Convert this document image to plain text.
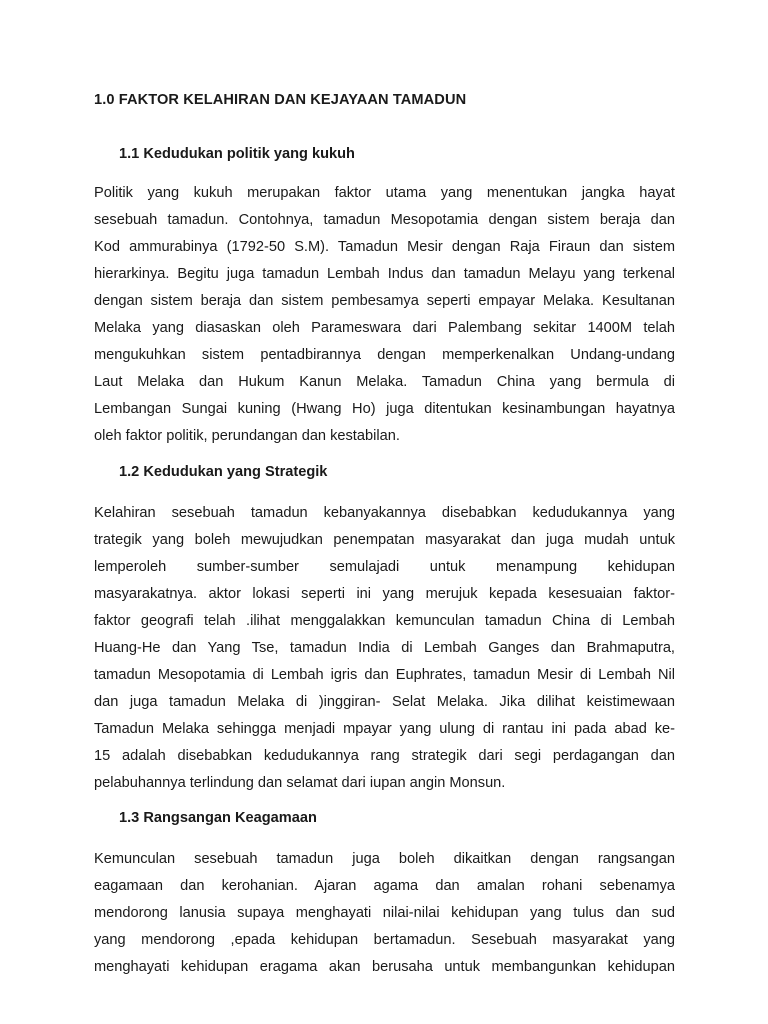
1.0 FAKTOR KELAHIRAN DAN KEJAYAAN TAMADUN
1.1 Kedudukan politik yang kukuh
Politik yang kukuh merupakan faktor utama yang menentukan jangka hayat
sesebuah tamadun. Contohnya, tamadun Mesopotamia dengan sistem beraja dan
Kod ammurabinya (1792-50 S.M). Tamadun Mesir dengan Raja Firaun dan sistem
hierarkinya. Begitu juga tamadun Lembah Indus dan tamadun Melayu yang terkenal
dengan sistem beraja dan sistem pembesamya seperti empayar Melaka. Kesultanan
Melaka yang diasaskan oleh Parameswara dari Palembang sekitar 1400M telah
mengukuhkan sistem pentadbirannya dengan memperkenalkan Undang-undang
Laut Melaka dan Hukum Kanun Melaka. Tamadun China yang bermula di
Lembangan Sungai kuning (Hwang Ho) juga ditentukan kesinambungan hayatnya
oleh faktor politik, perundangan dan kestabilan.
1.2 Kedudukan yang Strategik
Kelahiran sesebuah tamadun kebanyakannya disebabkan kedudukannya yang
trategik yang boleh mewujudkan penempatan masyarakat dan juga mudah untuk
lemperoleh sumber-sumber semulajadi untuk menampung kehidupan
masyarakatnya. aktor lokasi seperti ini yang merujuk kepada kesesuaian faktor-
faktor geografi telah .ilihat menggalakkan kemunculan tamadun China di Lembah
Huang-He dan Yang Tse, tamadun India di Lembah Ganges dan Brahmaputra,
tamadun Mesopotamia di Lembah igris dan Euphrates, tamadun Mesir di Lembah Nil
dan juga tamadun Melaka di )inggiran- Selat Melaka. Jika dilihat keistimewaan
Tamadun Melaka sehingga menjadi mpayar yang ulung di rantau ini pada abad ke-
15 adalah disebabkan kedudukannya rang strategik dari segi perdagangan dan
pelabuhannya terlindung dan selamat dari iupan angin Monsun.
1.3 Rangsangan Keagamaan
Kemunculan sesebuah tamadun juga boleh dikaitkan dengan rangsangan
eagamaan dan kerohanian. Ajaran agama dan amalan rohani sebenamya
mendorong lanusia supaya menghayati nilai-nilai kehidupan yang tulus dan sud
yang mendorong ,epada kehidupan bertamadun. Sesebuah masyarakat yang
menghayati kehidupan eragama akan berusaha untuk membangunkan kehidupan
